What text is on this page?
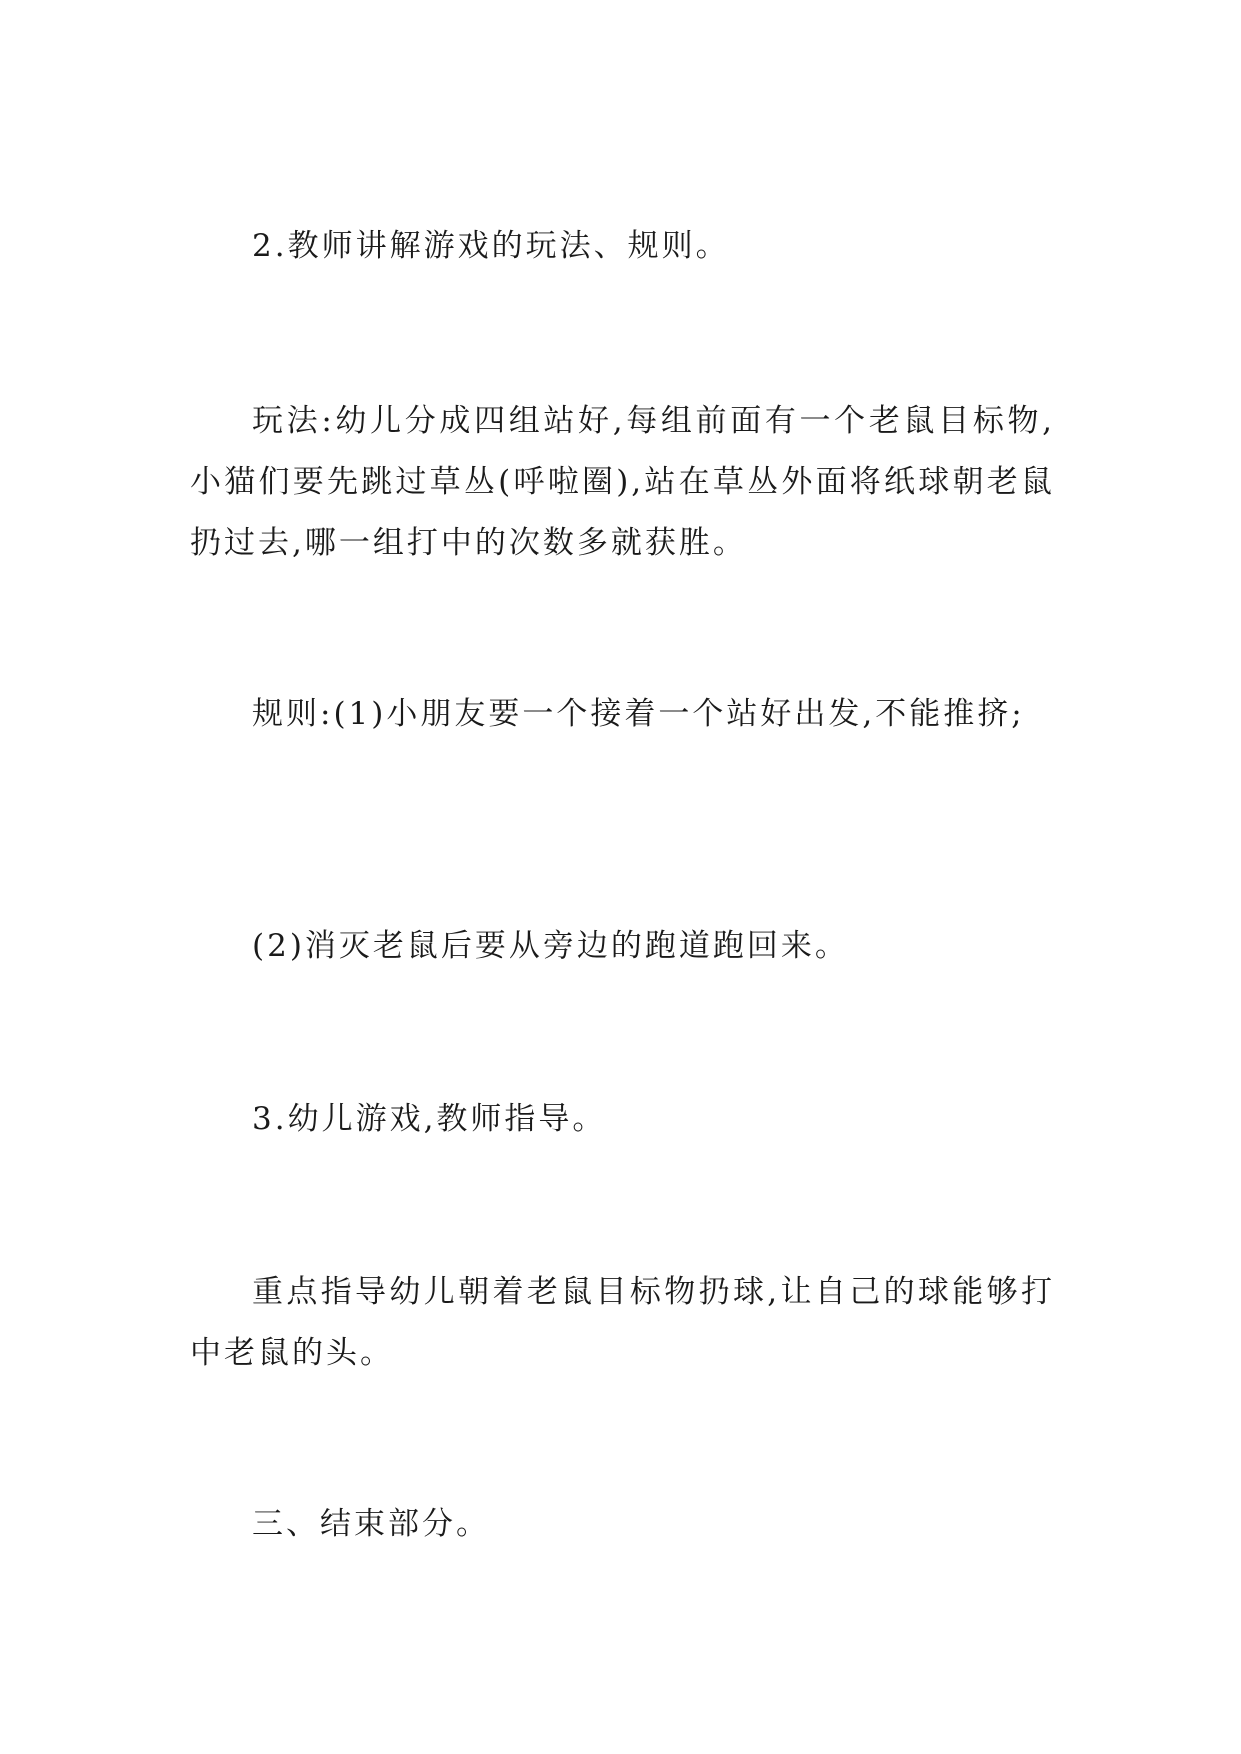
2.教师讲解游戏的玩法、规则。

玩法:幼儿分成四组站好,每组前面有一个老鼠目标物,小猫们要先跳过草丛(呼啦圈),站在草丛外面将纸球朝老鼠扔过去,哪一组打中的次数多就获胜。

规则:(1)小朋友要一个接着一个站好出发,不能推挤;

(2)消灭老鼠后要从旁边的跑道跑回来。

3.幼儿游戏,教师指导。

重点指导幼儿朝着老鼠目标物扔球,让自己的球能够打中老鼠的头。

三、结束部分。
